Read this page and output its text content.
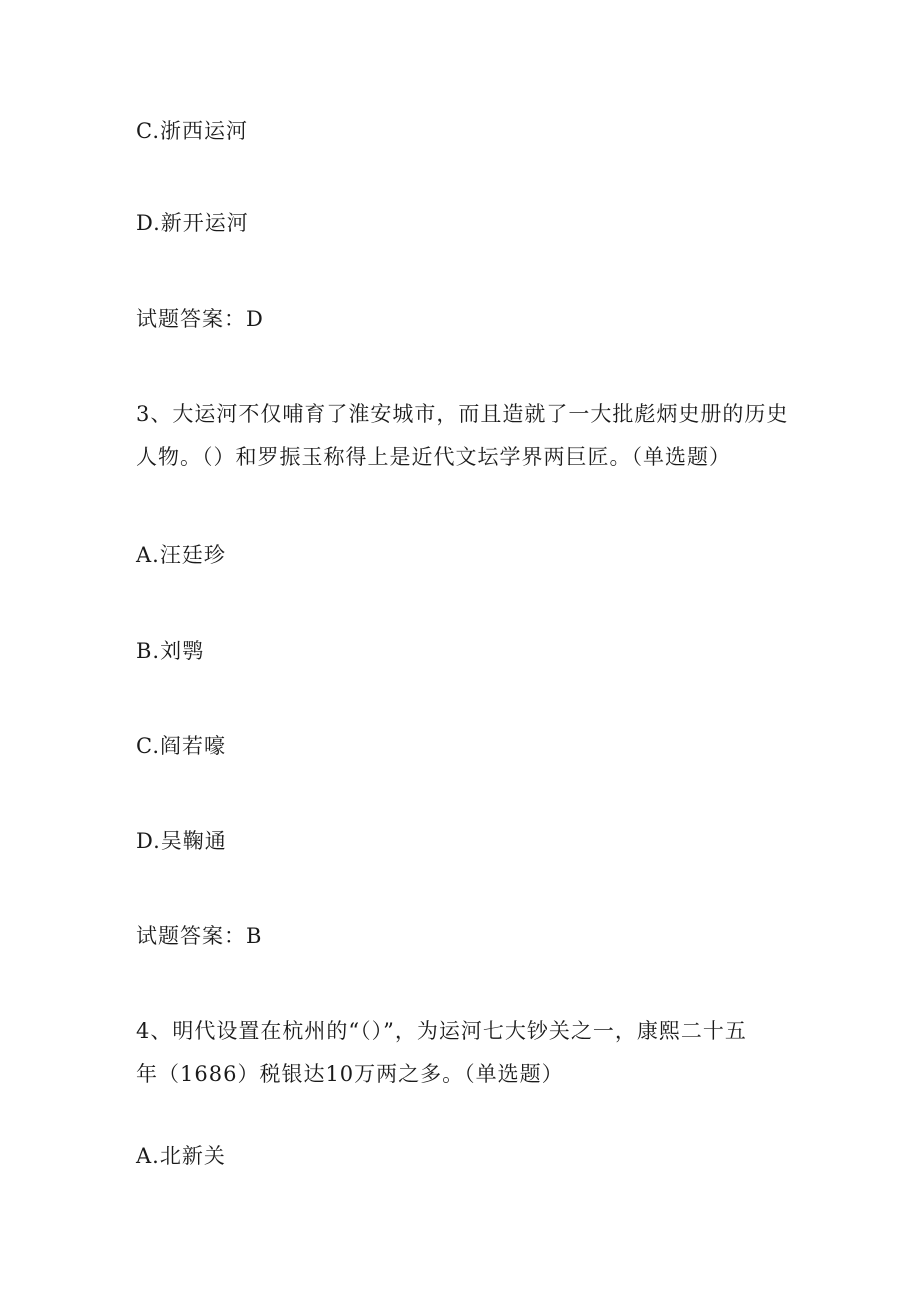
C.浙西运河
D.新开运河
试题答案：D
3、大运河不仅哺育了淮安城市，而且造就了一大批彪炳史册的历史
人物。（）和罗振玉称得上是近代文坛学界两巨匠。（单选题）
A.汪廷珍
B.刘鹗
C.阎若嚎
D.吴鞠通
试题答案：B
4、明代设置在杭州的“（）”，为运河七大钞关之一，康熙二十五
年（1686）税银达10万两之多。（单选题）
A.北新关
